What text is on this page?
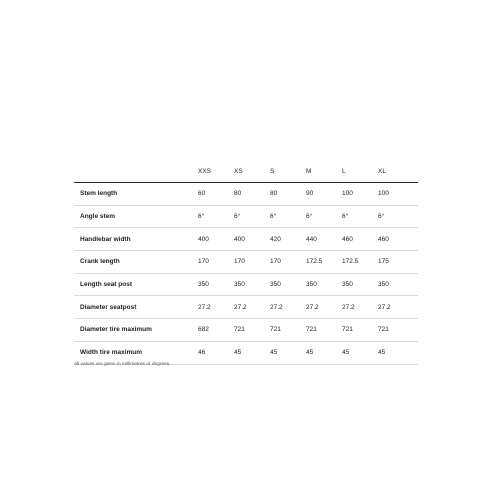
	XXS	XS	S	M	L	XL
Stem length	60	80	80	90	100	100
Angle stem	6°	6°	6°	6°	6°	6°
Handlebar width	400	400	420	440	460	460
Crank length	170	170	170	172.5	172.5	175
Length seat post	350	350	350	350	350	350
Diameter seatpost	27.2	27.2	27.2	27.2	27.2	27.2
Diameter tire maximum	682	721	721	721	721	721
Width tire maximum	46	45	45	45	45	45
All values are given in millimetres or degrees.
